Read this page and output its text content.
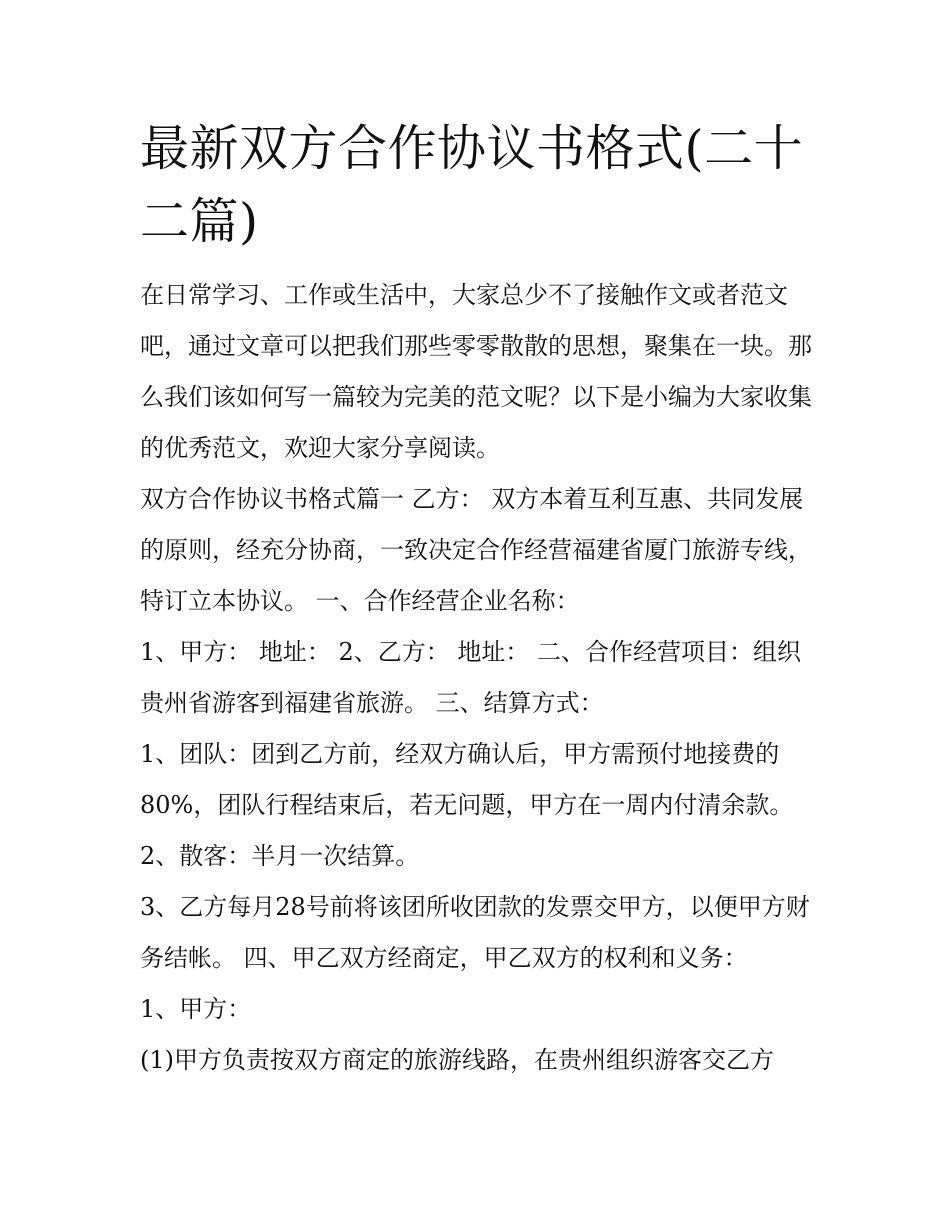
最新双方合作协议书格式(二十二篇)

在日常学习、工作或生活中，大家总少不了接触作文或者范文吧，通过文章可以把我们那些零零散散的思想，聚集在一块。那么我们该如何写一篇较为完美的范文呢？以下是小编为大家收集的优秀范文，欢迎大家分享阅读。

双方合作协议书格式篇一 乙方： 双方本着互利互惠、共同发展的原则，经充分协商，一致决定合作经营福建省厦门旅游专线，特订立本协议。 一、合作经营企业名称：

1、甲方： 地址： 2、乙方： 地址： 二、合作经营项目：组织贵州省游客到福建省旅游。 三、结算方式：

1、团队：团到乙方前，经双方确认后，甲方需预付地接费的80%，团队行程结束后，若无问题，甲方在一周内付清余款。

2、散客：半月一次结算。

3、乙方每月28号前将该团所收团款的发票交甲方，以便甲方财务结帐。 四、甲乙双方经商定，甲乙双方的权利和义务：

1、甲方：

(1)甲方负责按双方商定的旅游线路，在贵州组织游客交乙方
